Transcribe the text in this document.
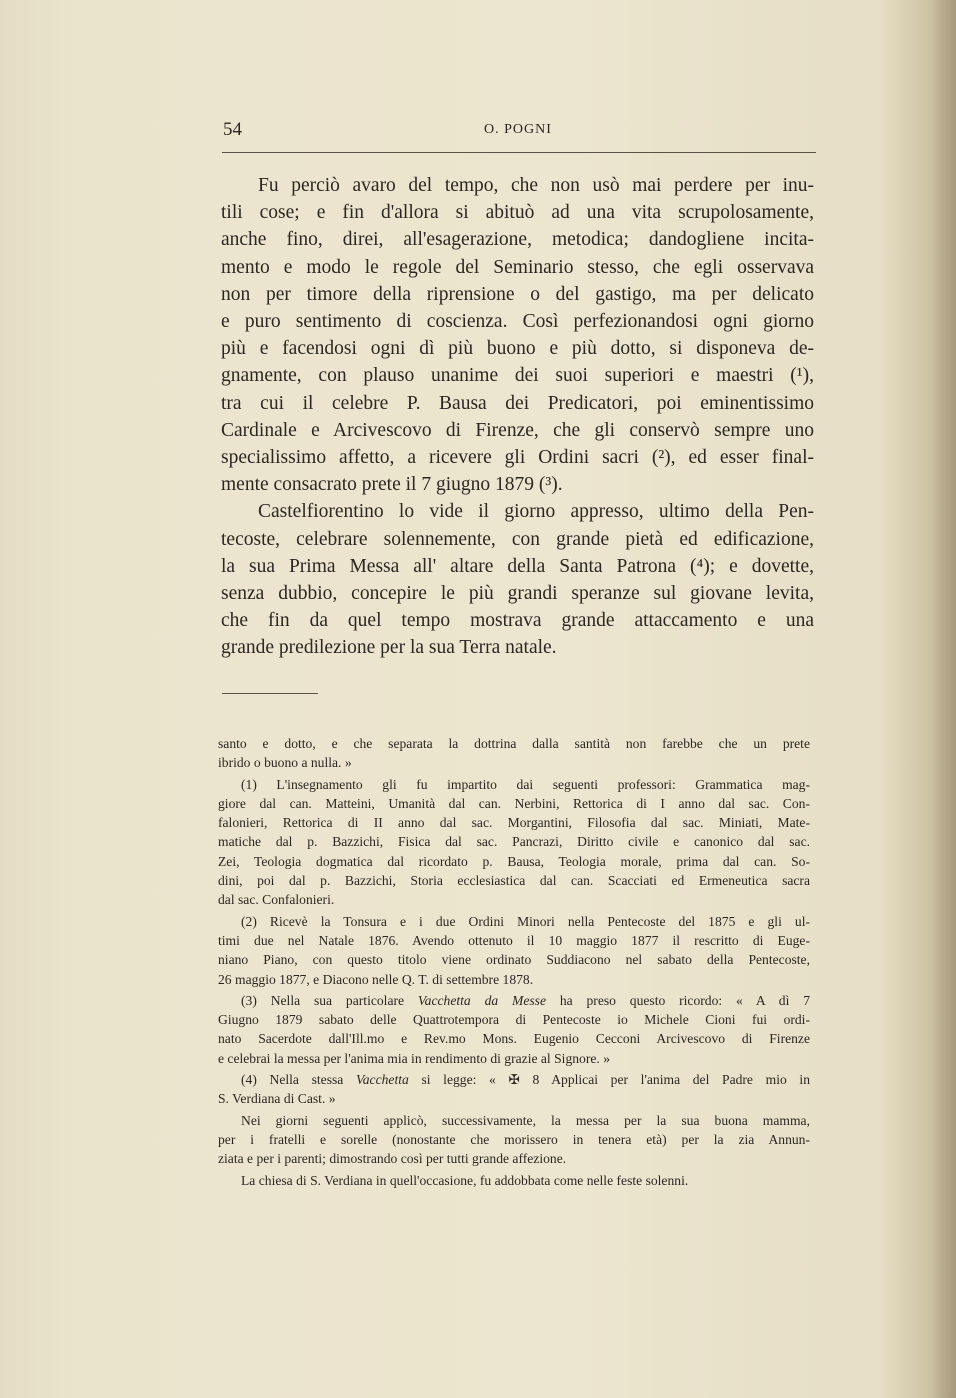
54	O. POGNI
Fu perciò avaro del tempo, che non usò mai perdere per inu-
tili cose; e fin d'allora si abituò ad una vita scrupolosamente,
anche fino, direi, all'esagerazione, metodica; dandogliene incita-
mento e modo le regole del Seminario stesso, che egli osservava
non per timore della riprensione o del gastigo, ma per delicato
e puro sentimento di coscienza. Così perfezionandosi ogni giorno
più e facendosi ogni dì più buono e più dotto, si disponeva de-
gnamente, con plauso unanime dei suoi superiori e maestri (¹),
tra cui il celebre P. Bausa dei Predicatori, poi eminentissimo
Cardinale e Arcivescovo di Firenze, che gli conservò sempre uno
specialissimo affetto, a ricevere gli Ordini sacri (²), ed esser final-
mente consacrato prete il 7 giugno 1879 (³).
Castelfiorentino lo vide il giorno appresso, ultimo della Pen-
tecoste, celebrare solennemente, con grande pietà ed edificazione,
la sua Prima Messa all' altare della Santa Patrona (⁴); e dovette,
senza dubbio, concepire le più grandi speranze sul giovane levita,
che fin da quel tempo mostrava grande attaccamento e una
grande predilezione per la sua Terra natale.
santo e dotto, e che separata la dottrina dalla santità non farebbe che un prete
ibrido o buono a nulla. »
(1) L'insegnamento gli fu impartito dai seguenti professori: Grammatica mag-
giore dal can. Matteini, Umanità dal can. Nerbini, Rettorica di I anno dal sac. Con-
falonieri, Rettorica di II anno dal sac. Morgantini, Filosofia dal sac. Miniati, Mate-
matiche dal p. Bazzichi, Fisica dal sac. Pancrazi, Diritto civile e canonico dal sac.
Zei, Teologia dogmatica dal ricordato p. Bausa, Teologia morale, prima dal can. So-
dini, poi dal p. Bazzichi, Storia ecclesiastica dal can. Scacciati ed Ermeneutica sacra
dal sac. Confalonieri.
(2) Ricevè la Tonsura e i due Ordini Minori nella Pentecoste del 1875 e gli ul-
timi due nel Natale 1876. Avendo ottenuto il 10 maggio 1877 il rescritto di Euge-
niano Piano, con questo titolo viene ordinato Suddiacono nel sabato della Pentecoste,
26 maggio 1877, e Diacono nelle Q. T. di settembre 1878.
(3) Nella sua particolare Vacchetta da Messe ha preso questo ricordo: « A dì 7
Giugno 1879 sabato delle Quattrotempora di Pentecoste io Michele Cioni fui ordi-
nato Sacerdote dall'Ill.mo e Rev.mo Mons. Eugenio Cecconi Arcivescovo di Firenze
e celebrai la messa per l'anima mia in rendimento di grazie al Signore. »
(4) Nella stessa Vacchetta si legge: « ✠ 8 Applicai per l'anima del Padre mio in
S. Verdiana di Cast. »
Nei giorni seguenti applicò, successivamente, la messa per la sua buona mamma,
per i fratelli e sorelle (nonostante che morissero in tenera età) per la zia Annun-
ziata e per i parenti; dimostrando così per tutti grande affezione.
La chiesa di S. Verdiana in quell'occasione, fu addobbata come nelle feste solenni.
